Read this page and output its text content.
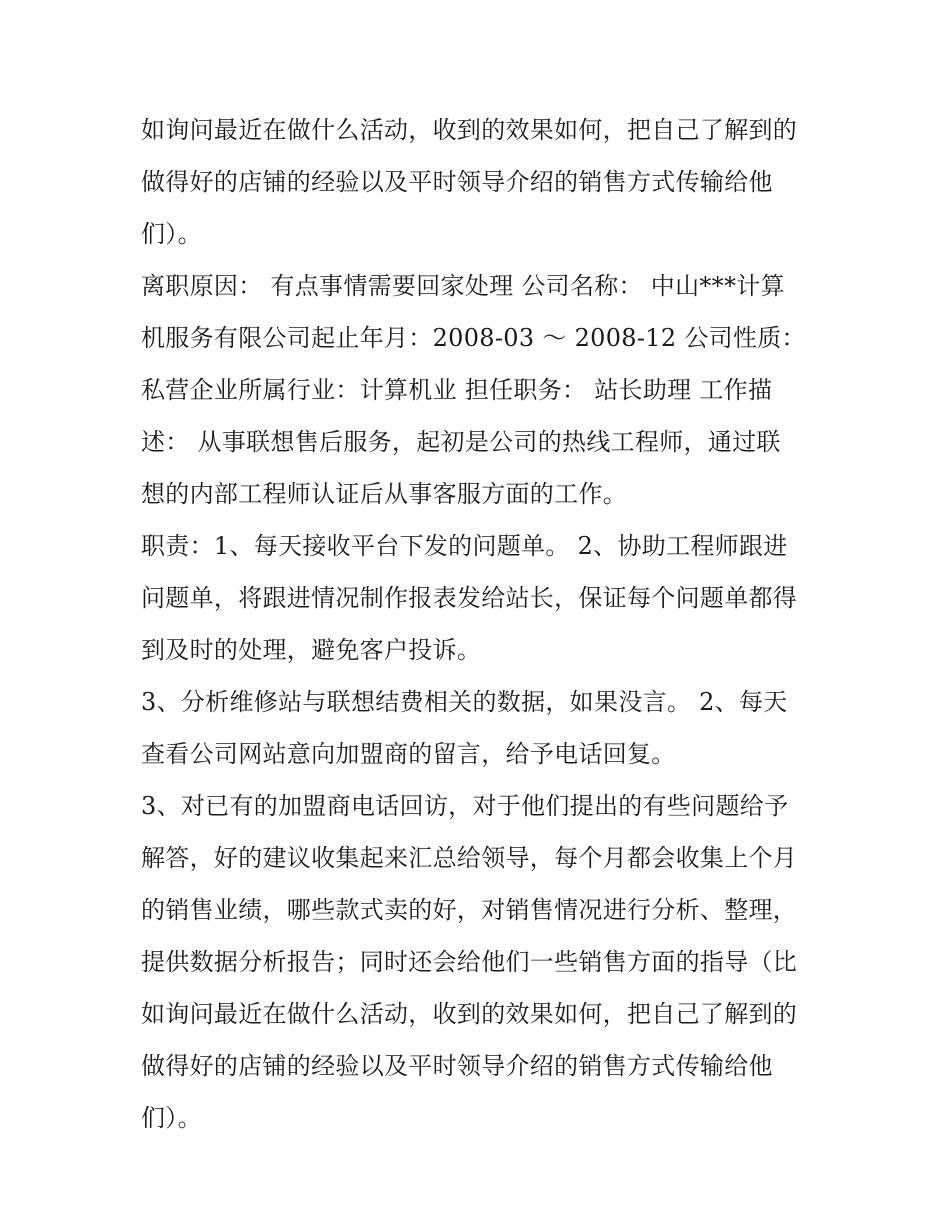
如询问最近在做什么活动，收到的效果如何，把自己了解到的
做得好的店铺的经验以及平时领导介绍的销售方式传输给他
们）。
离职原因： 有点事情需要回家处理 公司名称： 中山***计算
机服务有限公司起止年月：2008-03 ～ 2008-12 公司性质：
私营企业所属行业：计算机业 担任职务： 站长助理 工作描
述： 从事联想售后服务，起初是公司的热线工程师，通过联
想的内部工程师认证后从事客服方面的工作。
职责：1、每天接收平台下发的问题单。 2、协助工程师跟进
问题单，将跟进情况制作报表发给站长，保证每个问题单都得
到及时的处理，避免客户投诉。
3、分析维修站与联想结费相关的数据，如果没言。 2、每天
查看公司网站意向加盟商的留言，给予电话回复。
3、对已有的加盟商电话回访，对于他们提出的有些问题给予
解答，好的建议收集起来汇总给领导，每个月都会收集上个月
的销售业绩，哪些款式卖的好，对销售情况进行分析、整理，
提供数据分析报告；同时还会给他们一些销售方面的指导（比
如询问最近在做什么活动，收到的效果如何，把自己了解到的
做得好的店铺的经验以及平时领导介绍的销售方式传输给他
们）。
